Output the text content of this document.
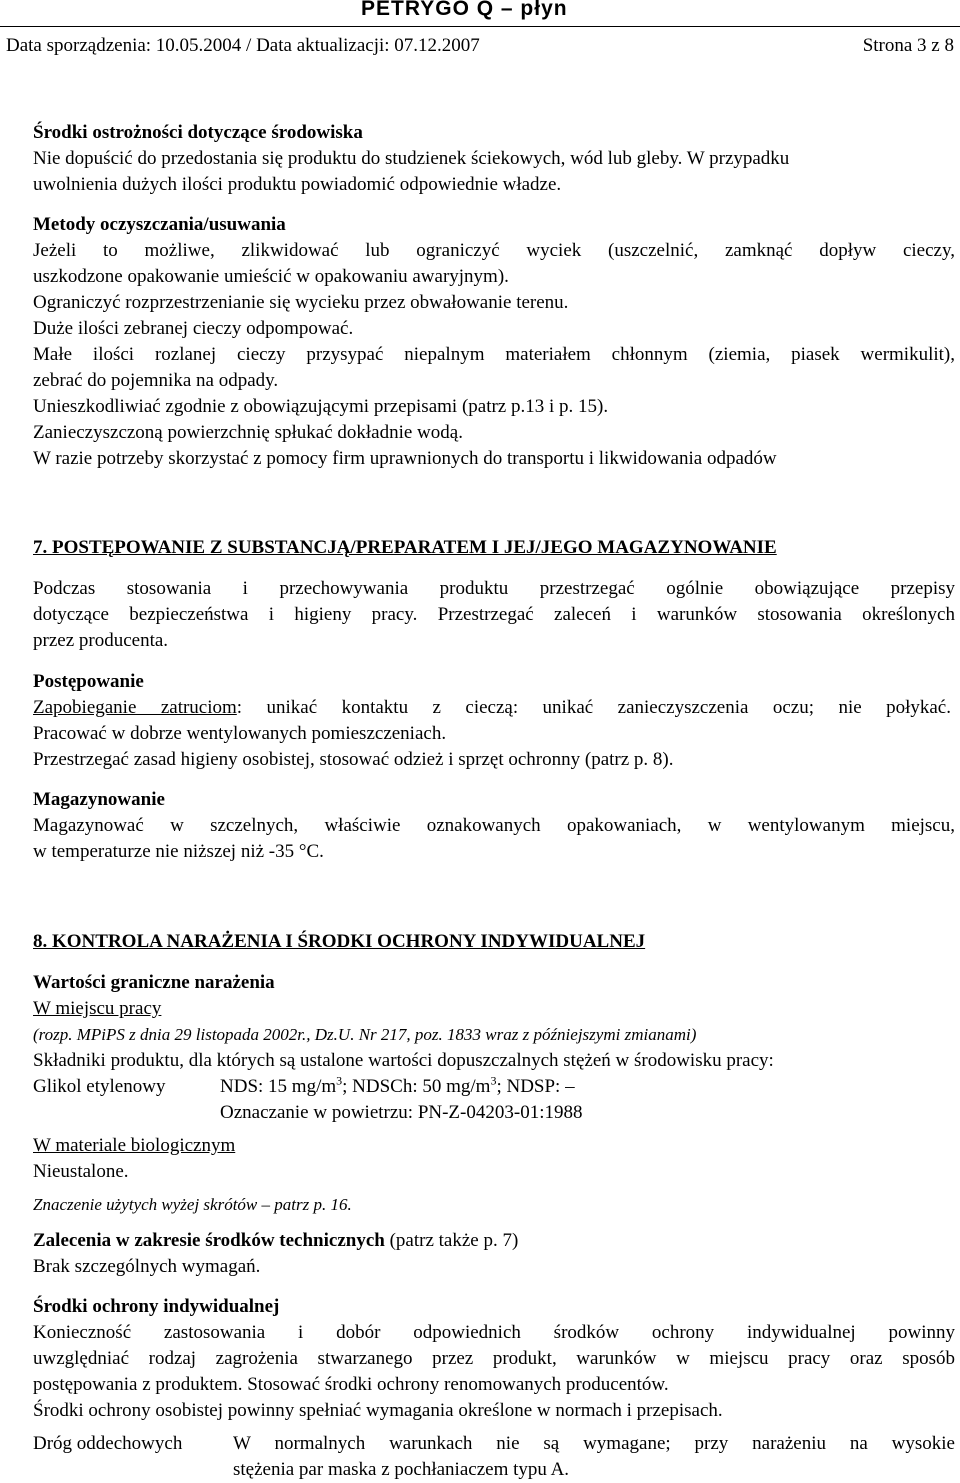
PETRYGO Q – płyn
Data sporządzenia: 10.05.2004 / Data aktualizacji: 07.12.2007	Strona 3 z 8
Środki ostrożności dotyczące środowiska
Nie dopuścić do przedostania się produktu do studzienek ściekowych, wód lub gleby. W przypadku
uwolnienia dużych ilości produktu powiadomić odpowiednie władze.
Metody oczyszczania/usuwania
Jeżeli to możliwe, zlikwidować lub ograniczyć wyciek (uszczelnić, zamknąć dopływ cieczy,
uszkodzone opakowanie umieścić w opakowaniu awaryjnym).
Ograniczyć rozprzestrzenianie się wycieku przez obwałowanie terenu.
Duże ilości zebranej cieczy odpompować.
Małe ilości rozlanej cieczy przysypać niepalnym materiałem chłonnym (ziemia, piasek wermikulit),
zebrać do pojemnika na odpady.
Unieszkodliwiać zgodnie z obowiązującymi przepisami (patrz p.13 i p. 15).
Zanieczyszczoną powierzchnię spłukać dokładnie wodą.
W razie potrzeby skorzystać z pomocy firm uprawnionych do transportu i likwidowania odpadów
7. POSTĘPOWANIE Z SUBSTANCJĄ/PREPARATEM I JEJ/JEGO MAGAZYNOWANIE
Podczas stosowania i przechowywania produktu przestrzegać ogólnie obowiązujące przepisy
dotyczące bezpieczeństwa i higieny pracy. Przestrzegać zaleceń i warunków stosowania określonych
przez producenta.
Postępowanie
Zapobieganie zatruciom: unikać kontaktu z cieczą: unikać zanieczyszczenia oczu; nie połykać.
Pracować w dobrze wentylowanych pomieszczeniach.
Przestrzegać zasad higieny osobistej, stosować odzież i sprzęt ochronny (patrz p. 8).
Magazynowanie
Magazynować w szczelnych, właściwie oznakowanych opakowaniach, w wentylowanym miejscu,
w temperaturze nie niższej niż -35 °C.
8. KONTROLA NARAŻENIA I ŚRODKI OCHRONY INDYWIDUALNEJ
Wartości graniczne narażenia
W miejscu pracy
(rozp. MPiPS z dnia 29 listopada 2002r., Dz.U. Nr 217, poz. 1833 wraz z późniejszymi zmianami)
Składniki produktu, dla których są ustalone wartości dopuszczalnych stężeń w środowisku pracy:
Glikol etylenowy	NDS: 15 $mg/m^3$; NDSCh: 50 $mg/m^3$; NDSP: –
Oznaczanie w powietrzu: PN-Z-04203-01:1988
W materiale biologicznym
Nieustalone.
Znaczenie użytych wyżej skrótów – patrz p. 16.
Zalecenia w zakresie środków technicznych (patrz także p. 7)
Brak szczególnych wymagań.
Środki ochrony indywidualnej
Konieczność zastosowania i dobór odpowiednich środków ochrony indywidualnej powinny
uwzględniać rodzaj zagrożenia stwarzanego przez produkt, warunków w miejscu pracy oraz sposób
postępowania z produktem. Stosować środki ochrony renomowanych producentów.
Środki ochrony osobistej powinny spełniać wymagania określone w normach i przepisach.
Dróg oddechowych	W normalnych warunkach nie są wymagane; przy narażeniu na wysokie
stężenia par maska z pochłaniaczem typu A.
